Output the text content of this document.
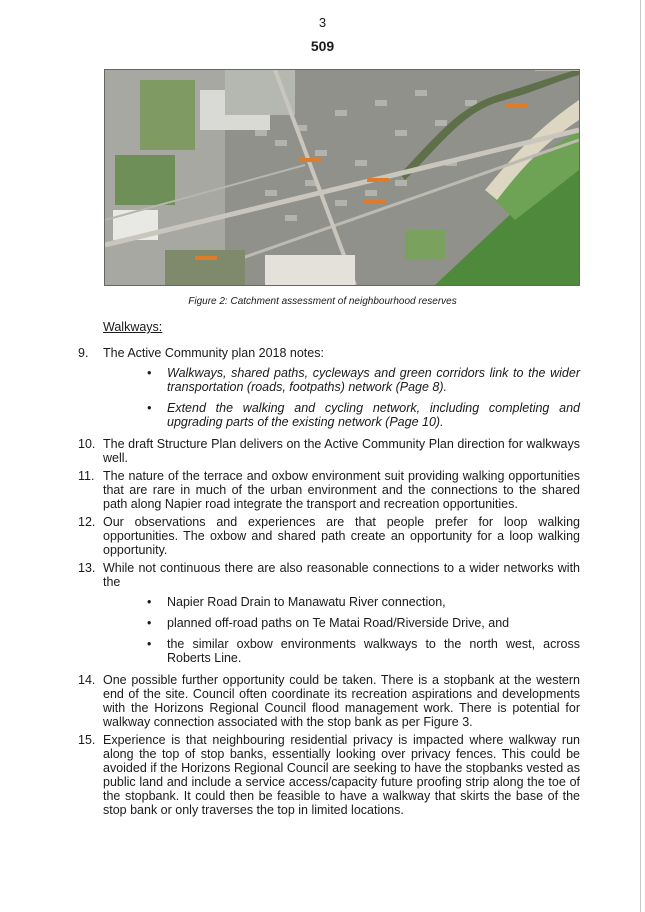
3
509
Figure 2: Catchment assessment of neighbourhood reserves
Walkways:
9. The Active Community plan 2018 notes:
• Walkways, shared paths, cycleways and green corridors link to the wider transportation (roads, footpaths) network (Page 8).
• Extend the walking and cycling network, including completing and upgrading parts of the existing network (Page 10).
10. The draft Structure Plan delivers on the Active Community Plan direction for walkways well.
11. The nature of the terrace and oxbow environment suit providing walking opportunities that are rare in much of the urban environment and the connections to the shared path along Napier road integrate the transport and recreation opportunities.
12. Our observations and experiences are that people prefer for loop walking opportunities. The oxbow and shared path create an opportunity for a loop walking opportunity.
13. While not continuous there are also reasonable connections to a wider networks with the
• Napier Road Drain to Manawatu River connection,
• planned off-road paths on Te Matai Road/Riverside Drive, and
• the similar oxbow environments walkways to the north west, across Roberts Line.
14. One possible further opportunity could be taken. There is a stopbank at the western end of the site. Council often coordinate its recreation aspirations and developments with the Horizons Regional Council flood management work. There is potential for walkway connection associated with the stop bank as per Figure 3.
15. Experience is that neighbouring residential privacy is impacted where walkway run along the top of stop banks, essentially looking over privacy fences. This could be avoided if the Horizons Regional Council are seeking to have the stopbanks vested as public land and include a service access/capacity future proofing strip along the toe of the stopbank. It could then be feasible to have a walkway that skirts the base of the stop bank or only traverses the top in limited locations.
